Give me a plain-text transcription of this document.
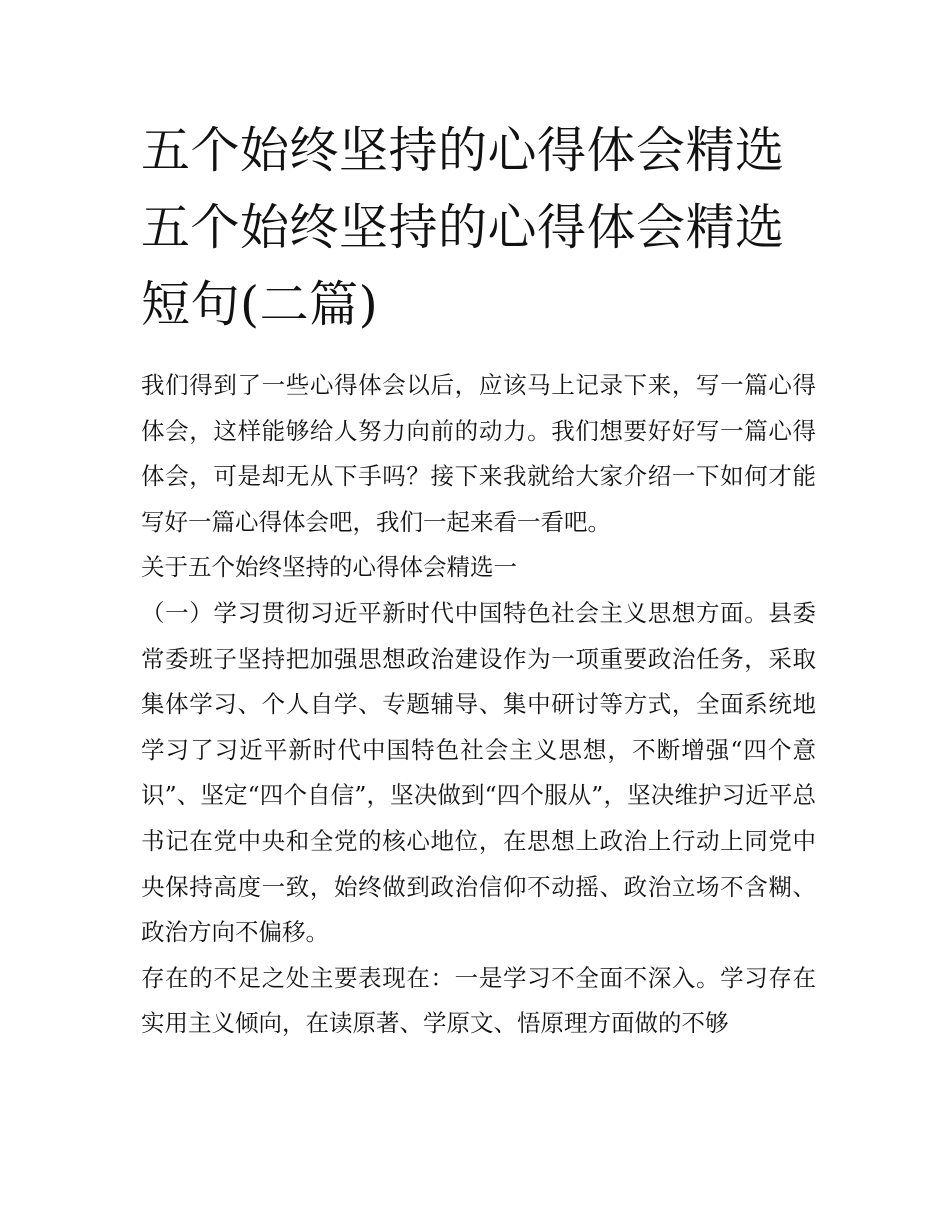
五个始终坚持的心得体会精选五个始终坚持的心得体会精选短句(二篇)

我们得到了一些心得体会以后，应该马上记录下来，写一篇心得体会，这样能够给人努力向前的动力。我们想要好好写一篇心得体会，可是却无从下手吗？接下来我就给大家介绍一下如何才能写好一篇心得体会吧，我们一起来看一看吧。

关于五个始终坚持的心得体会精选一

（一）学习贯彻习近平新时代中国特色社会主义思想方面。县委常委班子坚持把加强思想政治建设作为一项重要政治任务，采取集体学习、个人自学、专题辅导、集中研讨等方式，全面系统地学习了习近平新时代中国特色社会主义思想，不断增强“四个意识”、坚定“四个自信”，坚决做到“四个服从”，坚决维护习近平总书记在党中央和全党的核心地位，在思想上政治上行动上同党中央保持高度一致，始终做到政治信仰不动摇、政治立场不含糊、政治方向不偏移。

存在的不足之处主要表现在：一是学习不全面不深入。学习存在实用主义倾向，在读原著、学原文、悟原理方面做的不够
